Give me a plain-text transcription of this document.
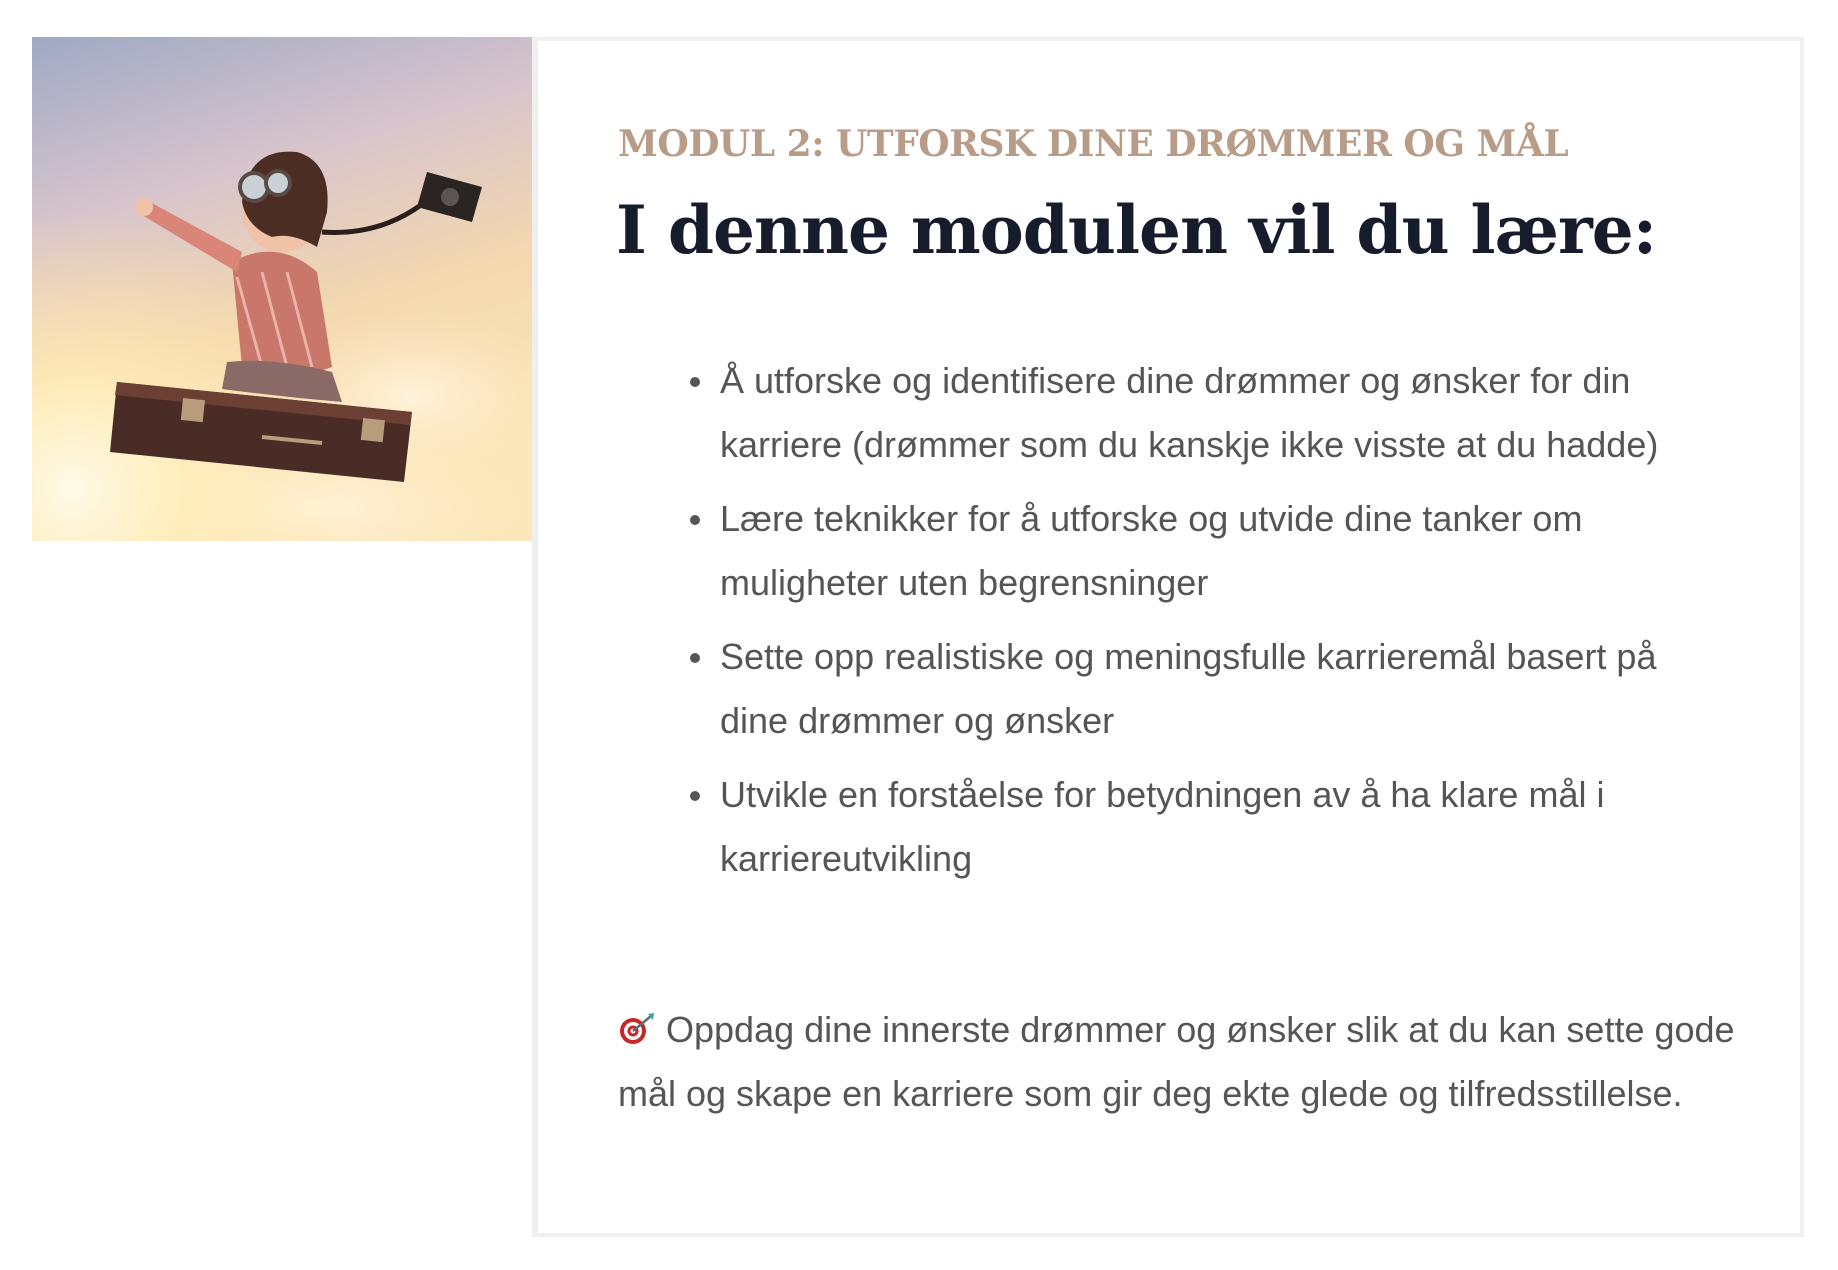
MODUL 2: UTFORSK DINE DRØMMER OG MÅL
I denne modulen vil du lære:
Å utforske og identifisere dine drømmer og ønsker for din karriere (drømmer som du kanskje ikke visste at du hadde)
Lære teknikker for å utforske og utvide dine tanker om muligheter uten begrensninger
Sette opp realistiske og meningsfulle karrieremål basert på dine drømmer og ønsker
Utvikle en forståelse for betydningen av å ha klare mål i karriereutvikling

Oppdag dine innerste drømmer og ønsker slik at du kan sette gode mål og skape en karriere som gir deg ekte glede og tilfredsstillelse.
